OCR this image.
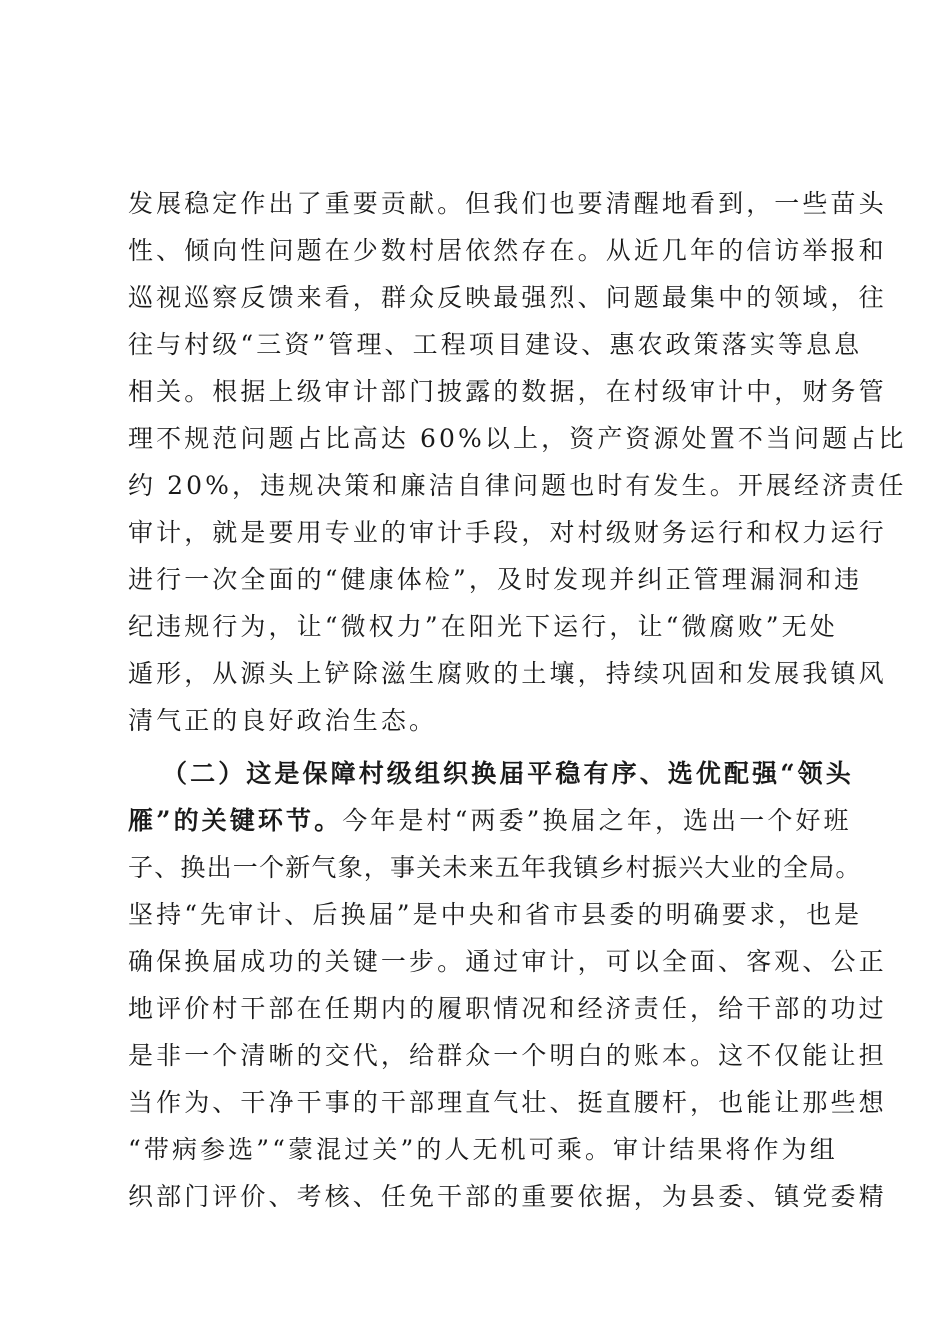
发展稳定作出了重要贡献。但我们也要清醒地看到，一些苗头
性、倾向性问题在少数村居依然存在。从近几年的信访举报和
巡视巡察反馈来看，群众反映最强烈、问题最集中的领域，往
往与村级“三资”管理、工程项目建设、惠农政策落实等息息
相关。根据上级审计部门披露的数据，在村级审计中，财务管
理不规范问题占比高达 60%以上，资产资源处置不当问题占比
约 20%，违规决策和廉洁自律问题也时有发生。开展经济责任
审计，就是要用专业的审计手段，对村级财务运行和权力运行
进行一次全面的“健康体检”，及时发现并纠正管理漏洞和违
纪违规行为，让“微权力”在阳光下运行，让“微腐败”无处
遁形，从源头上铲除滋生腐败的土壤，持续巩固和发展我镇风
清气正的良好政治生态。
（二）这是保障村级组织换届平稳有序、选优配强“领头
雁”的关键环节。今年是村“两委”换届之年，选出一个好班
子、换出一个新气象，事关未来五年我镇乡村振兴大业的全局。
坚持“先审计、后换届”是中央和省市县委的明确要求，也是
确保换届成功的关键一步。通过审计，可以全面、客观、公正
地评价村干部在任期内的履职情况和经济责任，给干部的功过
是非一个清晰的交代，给群众一个明白的账本。这不仅能让担
当作为、干净干事的干部理直气壮、挺直腰杆，也能让那些想
“带病参选”“蒙混过关”的人无机可乘。审计结果将作为组
织部门评价、考核、任免干部的重要依据，为县委、镇党委精
